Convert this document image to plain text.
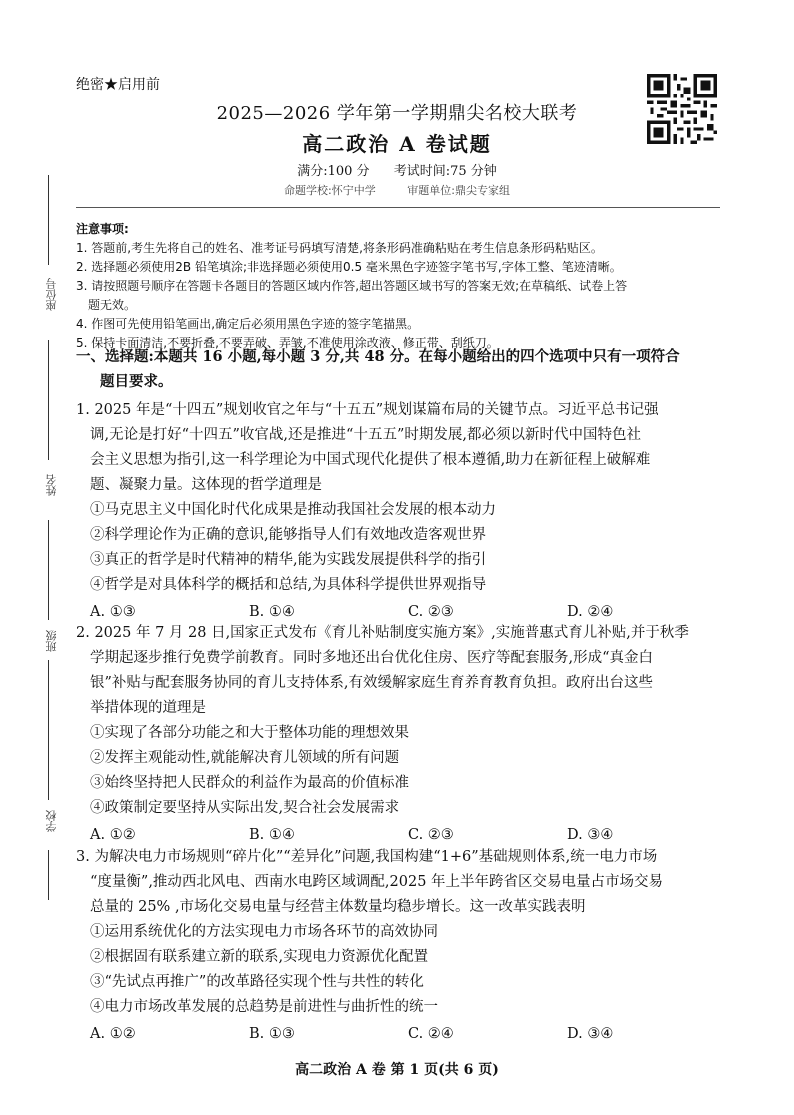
绝密★启用前
2025—2026 学年第一学期鼎尖名校大联考
高二政治 A 卷试题
满分:100 分 考试时间:75 分钟
命题学校:怀宁中学	审题单位:鼎尖专家组
座位号
姓名
班级
学校
注意事项:
1. 答题前,考生先将自己的姓名、准考证号码填写清楚,将条形码准确粘贴在考生信息条形码粘贴区。
2. 选择题必须使用2B 铅笔填涂;非选择题必须使用0.5 毫米黑色字迹签字笔书写,字体工整、笔迹清晰。
3. 请按照题号顺序在答题卡各题目的答题区域内作答,超出答题区域书写的答案无效;在草稿纸、试卷上答
题无效。
4. 作图可先使用铅笔画出,确定后必须用黑色字迹的签字笔描黑。
5. 保持卡面清洁,不要折叠,不要弄破、弄皱,不准使用涂改液、修正带、刮纸刀。
一、选择题:本题共 16 小题,每小题 3 分,共 48 分。在每小题给出的四个选项中只有一项符合
题目要求。
1. 2025 年是“十四五”规划收官之年与“十五五”规划谋篇布局的关键节点。习近平总书记强
调,无论是打好“十四五”收官战,还是推进“十五五”时期发展,都必须以新时代中国特色社
会主义思想为指引,这一科学理论为中国式现代化提供了根本遵循,助力在新征程上破解难
题、凝聚力量。这体现的哲学道理是
①马克思主义中国化时代化成果是推动我国社会发展的根本动力
②科学理论作为正确的意识,能够指导人们有效地改造客观世界
③真正的哲学是时代精神的精华,能为实践发展提供科学的指引
④哲学是对具体科学的概括和总结,为具体科学提供世界观指导
A. ①③	B. ①④	C. ②③	D. ②④
2. 2025 年 7 月 28 日,国家正式发布《育儿补贴制度实施方案》,实施普惠式育儿补贴,并于秋季
学期起逐步推行免费学前教育。同时多地还出台优化住房、医疗等配套服务,形成“真金白
银”补贴与配套服务协同的育儿支持体系,有效缓解家庭生育养育教育负担。政府出台这些
举措体现的道理是
①实现了各部分功能之和大于整体功能的理想效果
②发挥主观能动性,就能解决育儿领域的所有问题
③始终坚持把人民群众的利益作为最高的价值标准
④政策制定要坚持从实际出发,契合社会发展需求
A. ①②	B. ①④	C. ②③	D. ③④
3. 为解决电力市场规则“碎片化”“差异化”问题,我国构建“1+6”基础规则体系,统一电力市场
“度量衡”,推动西北风电、西南水电跨区域调配,2025 年上半年跨省区交易电量占市场交易
总量的 25% ,市场化交易电量与经营主体数量均稳步增长。这一改革实践表明
①运用系统优化的方法实现电力市场各环节的高效协同
②根据固有联系建立新的联系,实现电力资源优化配置
③“先试点再推广”的改革路径实现个性与共性的转化
④电力市场改革发展的总趋势是前进性与曲折性的统一
A. ①②	B. ①③	C. ②④	D. ③④
高二政治 A 卷 第 1 页(共 6 页)
